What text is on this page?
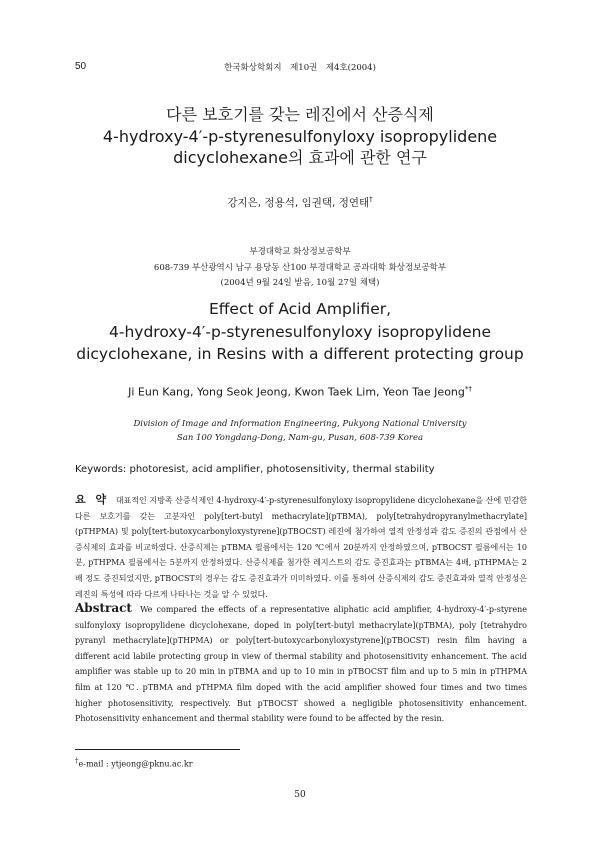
50	한국화상학회지　제10권　제4호(2004)
다른 보호기를 갖는 레진에서 산증식제
4-hydroxy-4′-p-styrenesulfonyloxy isopropylidene
dicyclohexane의 효과에 관한 연구
강지은, 정용석, 임권택, 정연태†
부경대학교 화상정보공학부
608-739 부산광역시 남구 용당동 산100 부경대학교 공과대학 화상정보공학부
(2004년 9월 24일 받음, 10월 27일 채택)
Effect of Acid Amplifier,
4-hydroxy-4′-p-styrenesulfonyloxy isopropylidene
dicyclohexane, in Resins with a different protecting group
Ji Eun Kang, Yong Seok Jeong, Kwon Taek Lim, Yeon Tae Jeong*†
Division of Image and Information Engineering, Pukyong National University
San 100 Yongdang-Dong, Nam-gu, Pusan, 608-739 Korea
Keywords: photoresist, acid amplifier, photosensitivity, thermal stability
요 약 대표적인 지방족 산증식제인 4-hydroxy-4′-p-styrenesulfonyloxy isopropylidene dicyclohexane을 산에 민감한 다른 보호기를 갖는 고분자인 poly[tert-butyl methacrylate](pTBMA), poly[tetrahydropyranylmethacrylate](pTHPMA) 및 poly[tert-butoxycarbonyloxystyrene](pTBOCST) 레진에 첨가하여 열적 안정성과 감도 증진의 관점에서 산증식제의 효과를 비교하였다. 산증식제는 pTBMA 필름에서는 120 ℃에서 20분까지 안정하였으며, pTBOCST 필름에서는 10분, pTHPMA 필름에서는 5분까지 안정하였다. 산증식제를 첨가한 레지스트의 감도 증진효과는 pTBMA는 4배, pTHPMA는 2배 정도 증진되었지만, pTBOCST의 경우는 감도 증진효과가 미미하였다. 이를 통하여 산증식제의 감도 증진효과와 열적 안정성은 레진의 특성에 따라 다르게 나타나는 것을 알 수 있었다.
Abstract We compared the effects of a representative aliphatic acid amplifier, 4-hydroxy-4′-p-styrene sulfonyloxy isopropylidene dicyclohexane, doped in poly[tert-butyl methacrylate](pTBMA), poly [tetrahydro pyranyl methacrylate](pTHPMA) or poly[tert-butoxycarbonyloxystyrene](pTBOCST) resin film having a different acid labile protecting group in view of thermal stability and photosensitivity enhancement. The acid amplifier was stable up to 20 min in pTBMA and up to 10 min in pTBOCST film and up to 5 min in pTHPMA film at 120 ℃. pTBMA and pTHPMA film doped with the acid amplifier showed four times and two times higher photosensitivity, respectively. But pTBOCST showed a negligible photosensitivity enhancement. Photosensitivity enhancement and thermal stability were found to be affected by the resin.
†e-mail : ytjeong@pknu.ac.kr
50
